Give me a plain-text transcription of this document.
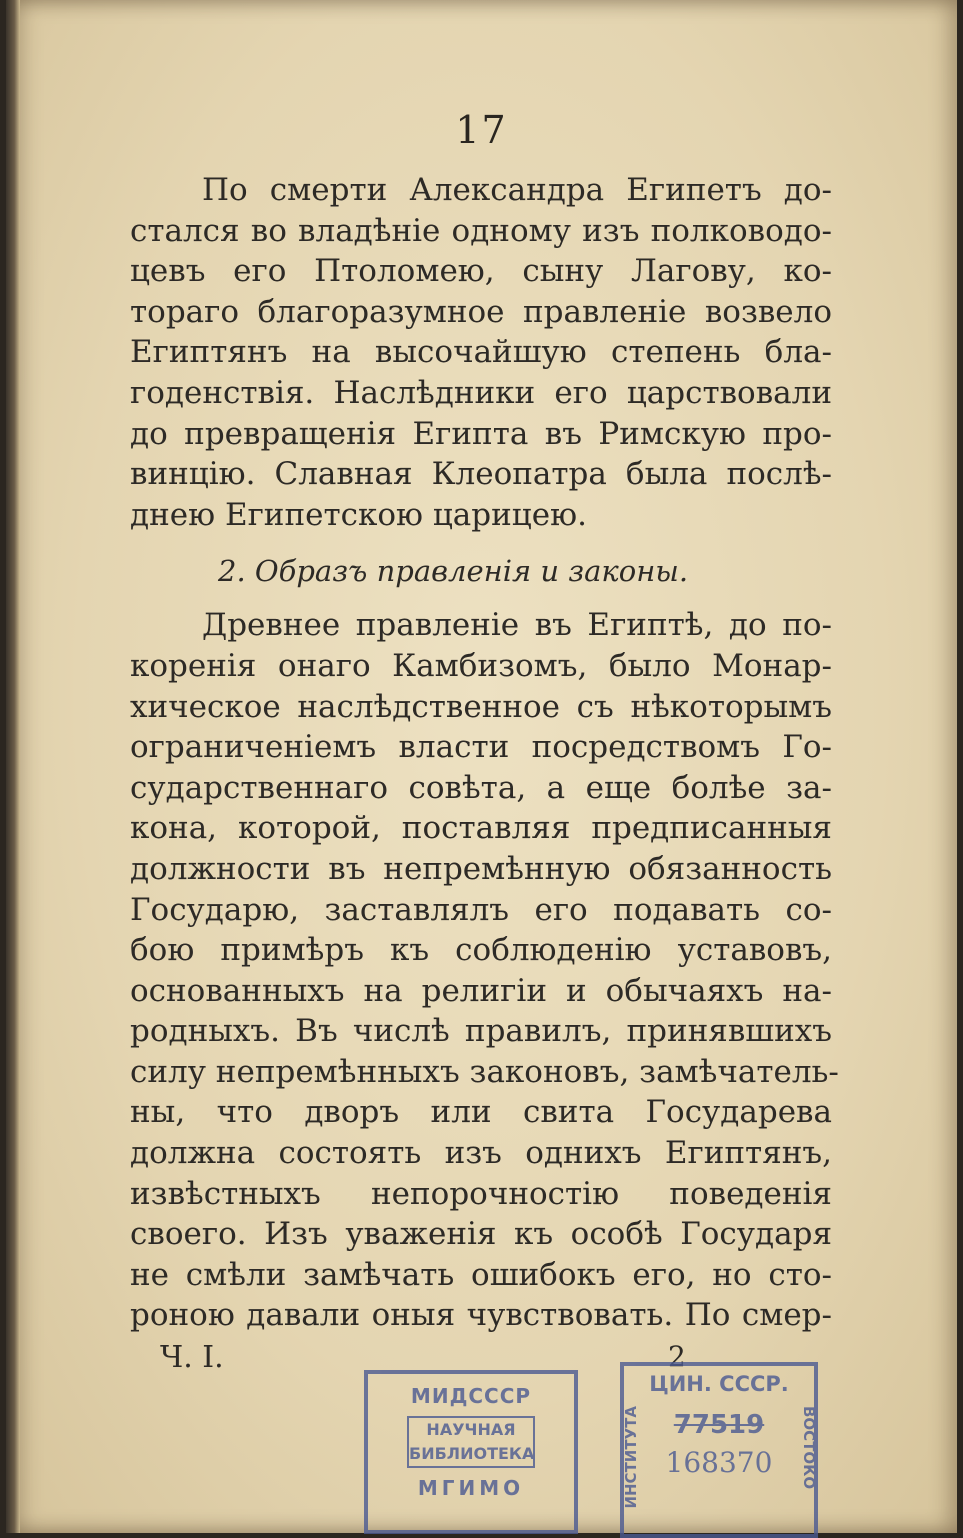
17
По смерти Александра Египетъ до-
стался во владѣніе одному изъ полководо-
цевъ его Птоломею, сыну Лагову, ко-
тораго благоразумное правленіе возвело
Египтянъ на высочайшую степень бла-
годенствія. Наслѣдники его царствовали
до превращенія Египта въ Римскую про-
винцію. Славная Клеопатра была послѣ-
днею Египетскою царицею.
2. Образъ правленія и законы.
Древнее правленіе въ Египтѣ, до по-
коренія онаго Камбизомъ, было Монар-
хическое наслѣдственное съ нѣкоторымъ
ограниченіемъ власти посредствомъ Го-
сударственнаго совѣта, а еще болѣе за-
кона, которой, поставляя предписанныя
должности въ непремѣнную обязанность
Государю, заставлялъ его подавать со-
бою примѣръ къ соблюденію уставовъ,
основанныхъ на религіи и обычаяхъ на-
родныхъ. Въ числѣ правилъ, принявшихъ
силу непремѣнныхъ законовъ, замѣчатель-
ны, что дворъ или свита Государева
должна состоять изъ однихъ Египтянъ,
извѣстныхъ непорочностію поведенія
своего. Изъ уваженія къ особѣ Государя
не смѣли замѣчать ошибокъ его, но сто-
роною давали оныя чувствовать. По смер-
Ч. I.	2
МИДСССР
НАУЧНАЯ БИБЛИОТЕКА
МГИМО	ИНСТИТУТА	ВОСТОКО
ЦИН. СССР.
77519
168370
